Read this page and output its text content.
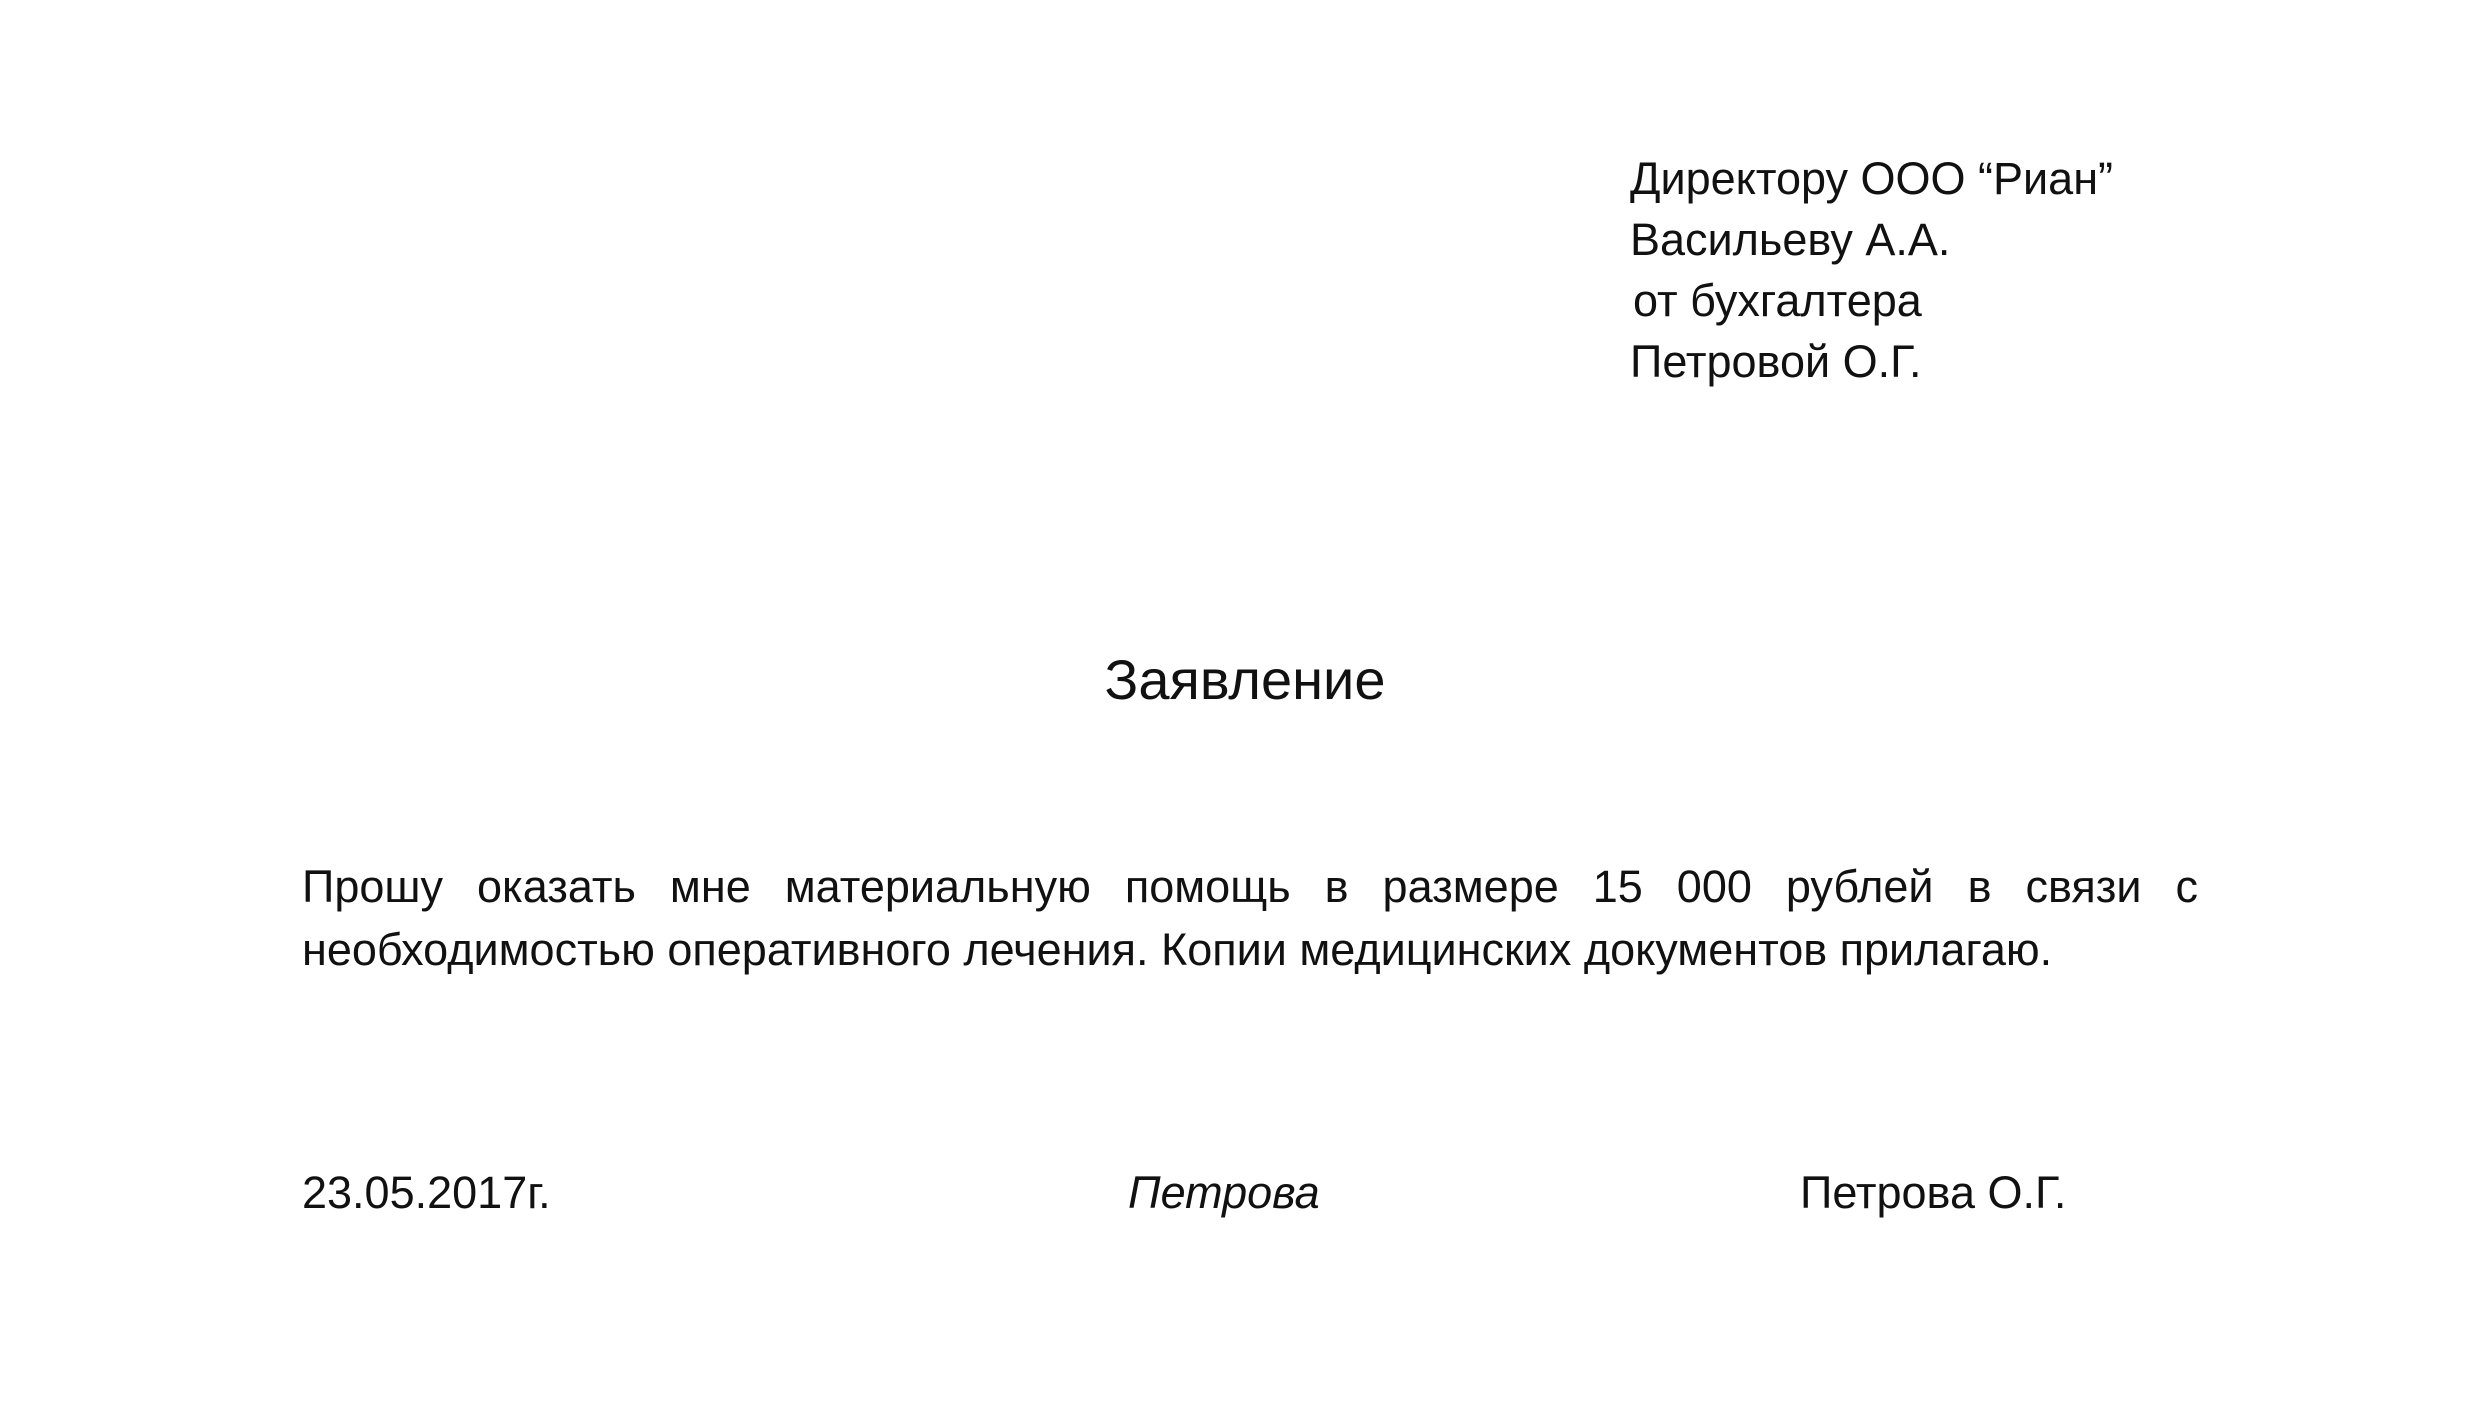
Директору ООО “Риан”
Васильеву А.А.
от бухгалтера
Петровой О.Г.
Заявление
Прошу оказать мне материальную помощь в размере 15 000 рублей в связи с
необходимостью оперативного лечения. Копии медицинских документов прилагаю.
23.05.2017г.	Петрова	Петрова О.Г.
